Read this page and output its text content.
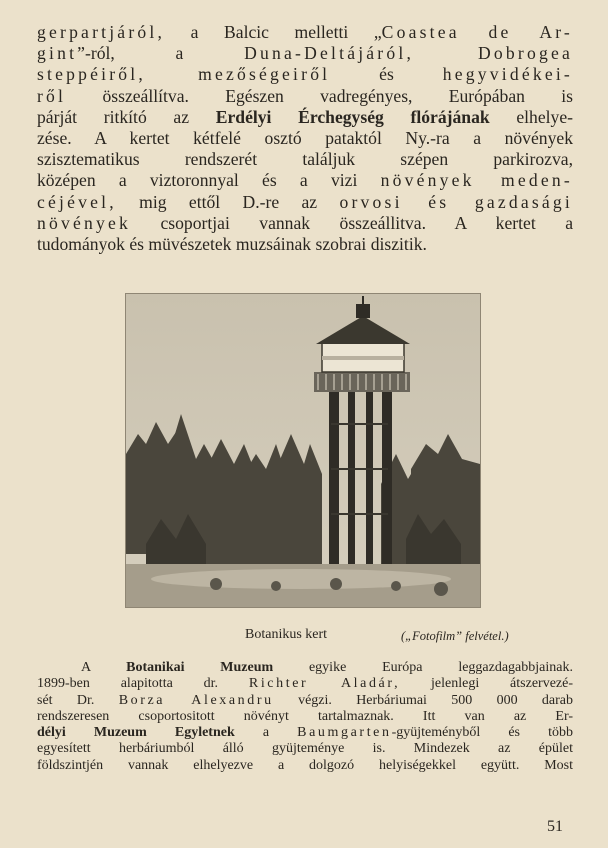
gerpartjáról, a Balcic melletti „Coastea de Ar-
gint”-ról, a Duna-Deltájáról, Dobrogea
steppéiről, mezőségeiről és hegyvidékei-
ről összeállítva. Egészen vadregényes, Európában is
párját ritkító az Erdélyi Érchegység flórájának elhelye-
zése. A kertet kétfelé osztó pataktól Ny.-ra a növények
szisztematikus rendszerét találjuk szépen parkirozva,
középen a viztoronnyal és a vizi növények meden-
céjével, mig ettől D.-re az orvosi és gazdasági
növények csoportjai vannak összeállitva. A kertet a
tudományok és müvészetek muzsáinak szobrai diszitik.
Botanikus kert	(„Fotofilm” felvétel.)
A Botanikai Muzeum egyike Európa leggazdagabbjainak.
1899-ben alapitotta dr. Richter Aladár, jelenlegi átszervezé-
sét Dr. Borza Alexandru végzi. Herbáriumai 500 000 darab
rendszeresen csoportositott növényt tartalmaznak. Itt van az Er-
délyi Muzeum Egyletnek a Baumgarten-gyüjteményből és több
egyesített herbáriumból álló gyüjteménye is. Mindezek az épület
földszintjén vannak elhelyezve a dolgozó helyiségekkel együtt. Most
51
